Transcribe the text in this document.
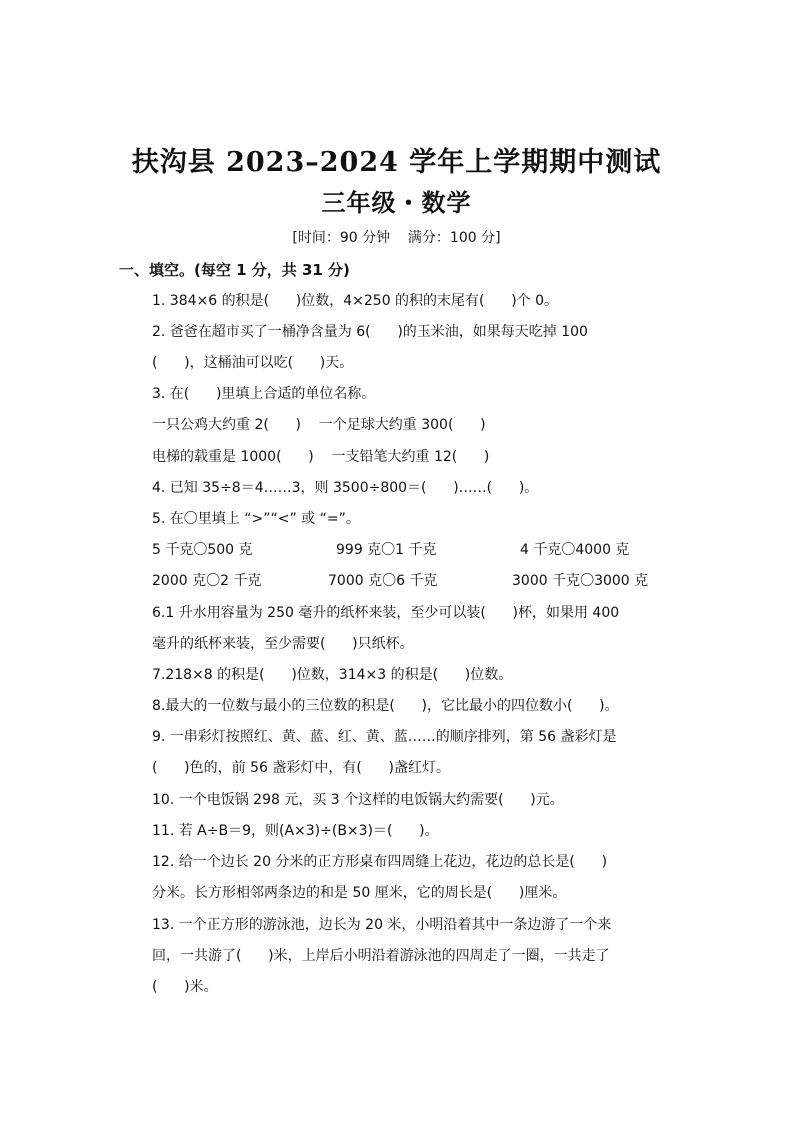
扶沟县 2023–2024 学年上学期期中测试
三年级・数学
[时间：90 分钟    满分：100 分]
一、填空。(每空 1 分，共 31 分)
1. 384×6 的积是(      )位数，4×250 的积的末尾有(      )个 0。
2. 爸爸在超市买了一桶净含量为 6(      )的玉米油，如果每天吃掉 100
(      )，这桶油可以吃(      )天。
3. 在(      )里填上合适的单位名称。
一只公鸡大约重 2(      )    一个足球大约重 300(      )
电梯的载重是 1000(      )    一支铅笔大约重 12(      )
4. 已知 35÷8＝4……3，则 3500÷800＝(      )……(      )。
5. 在〇里填上 “>”“<” 或 “=”。
5 千克〇500 克	999 克〇1 千克	4 千克〇4000 克
2000 克〇2 千克	7000 克〇6 千克	3000 千克〇3000 克
6.1 升水用容量为 250 毫升的纸杯来装，至少可以装(      )杯，如果用 400
毫升的纸杯来装，至少需要(      )只纸杯。
7.218×8 的积是(      )位数，314×3 的积是(      )位数。
8.最大的一位数与最小的三位数的积是(      )，它比最小的四位数小(      )。
9. 一串彩灯按照红、黄、蓝、红、黄、蓝……的顺序排列，第 56 盏彩灯是
(      )色的，前 56 盏彩灯中，有(      )盏红灯。
10. 一个电饭锅 298 元，买 3 个这样的电饭锅大约需要(      )元。
11. 若 A÷B＝9，则(A×3)÷(B×3)＝(      )。
12. 给一个边长 20 分米的正方形桌布四周缝上花边，花边的总长是(      )
分米。长方形相邻两条边的和是 50 厘米，它的周长是(      )厘米。
13. 一个正方形的游泳池，边长为 20 米，小明沿着其中一条边游了一个来
回，一共游了(      )米，上岸后小明沿着游泳池的四周走了一圈，一共走了
(      )米。
